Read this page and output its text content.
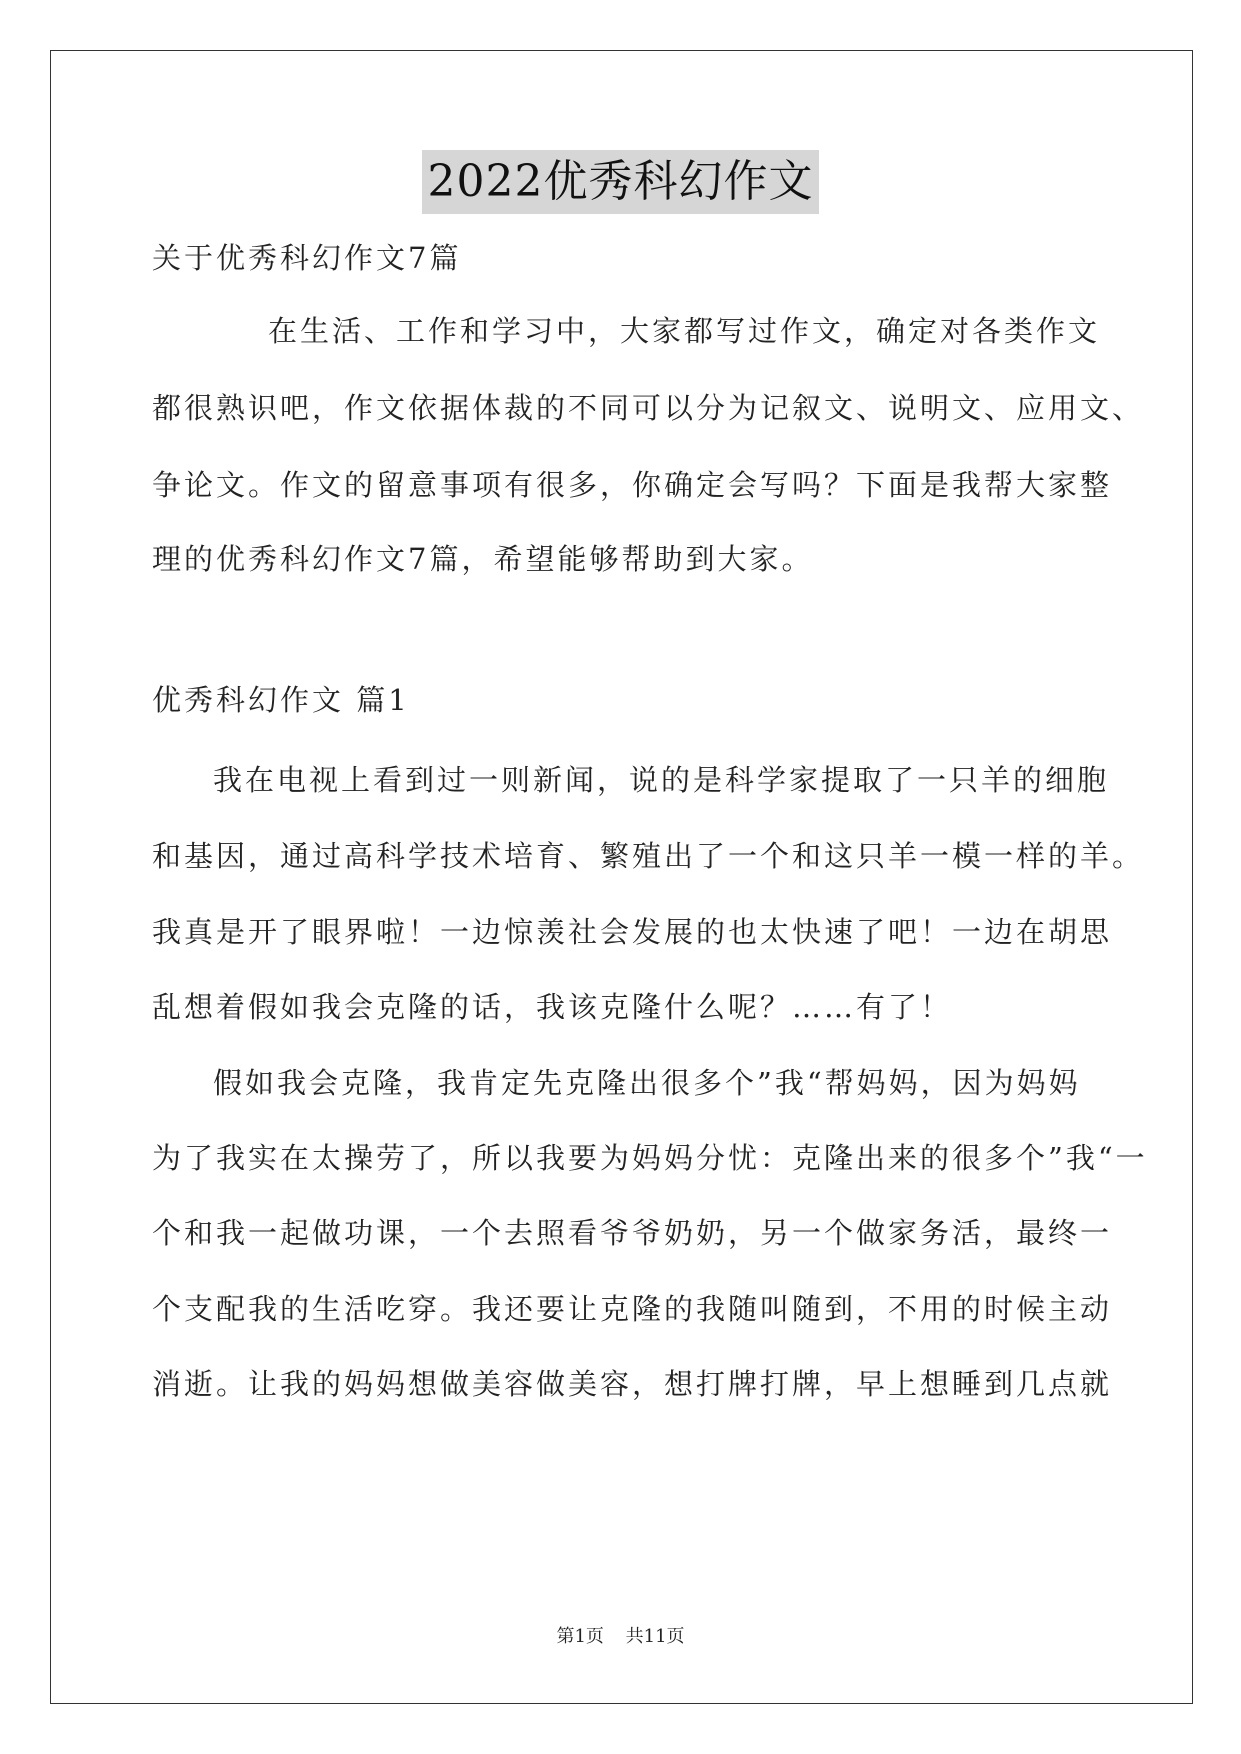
2022优秀科幻作文
关于优秀科幻作文7篇
在生活、工作和学习中，大家都写过作文，确定对各类作文
都很熟识吧，作文依据体裁的不同可以分为记叙文、说明文、应用文、
争论文。作文的留意事项有很多，你确定会写吗？下面是我帮大家整
理的优秀科幻作文7篇，希望能够帮助到大家。
优秀科幻作文 篇1
我在电视上看到过一则新闻，说的是科学家提取了一只羊的细胞
和基因，通过高科学技术培育、繁殖出了一个和这只羊一模一样的羊。
我真是开了眼界啦！一边惊羡社会发展的也太快速了吧！一边在胡思
乱想着假如我会克隆的话，我该克隆什么呢？……有了！
假如我会克隆，我肯定先克隆出很多个”我“帮妈妈，因为妈妈
为了我实在太操劳了，所以我要为妈妈分忧：克隆出来的很多个”我“一
个和我一起做功课，一个去照看爷爷奶奶，另一个做家务活，最终一
个支配我的生活吃穿。我还要让克隆的我随叫随到，不用的时候主动
消逝。让我的妈妈想做美容做美容，想打牌打牌，早上想睡到几点就
第1页 共11页
